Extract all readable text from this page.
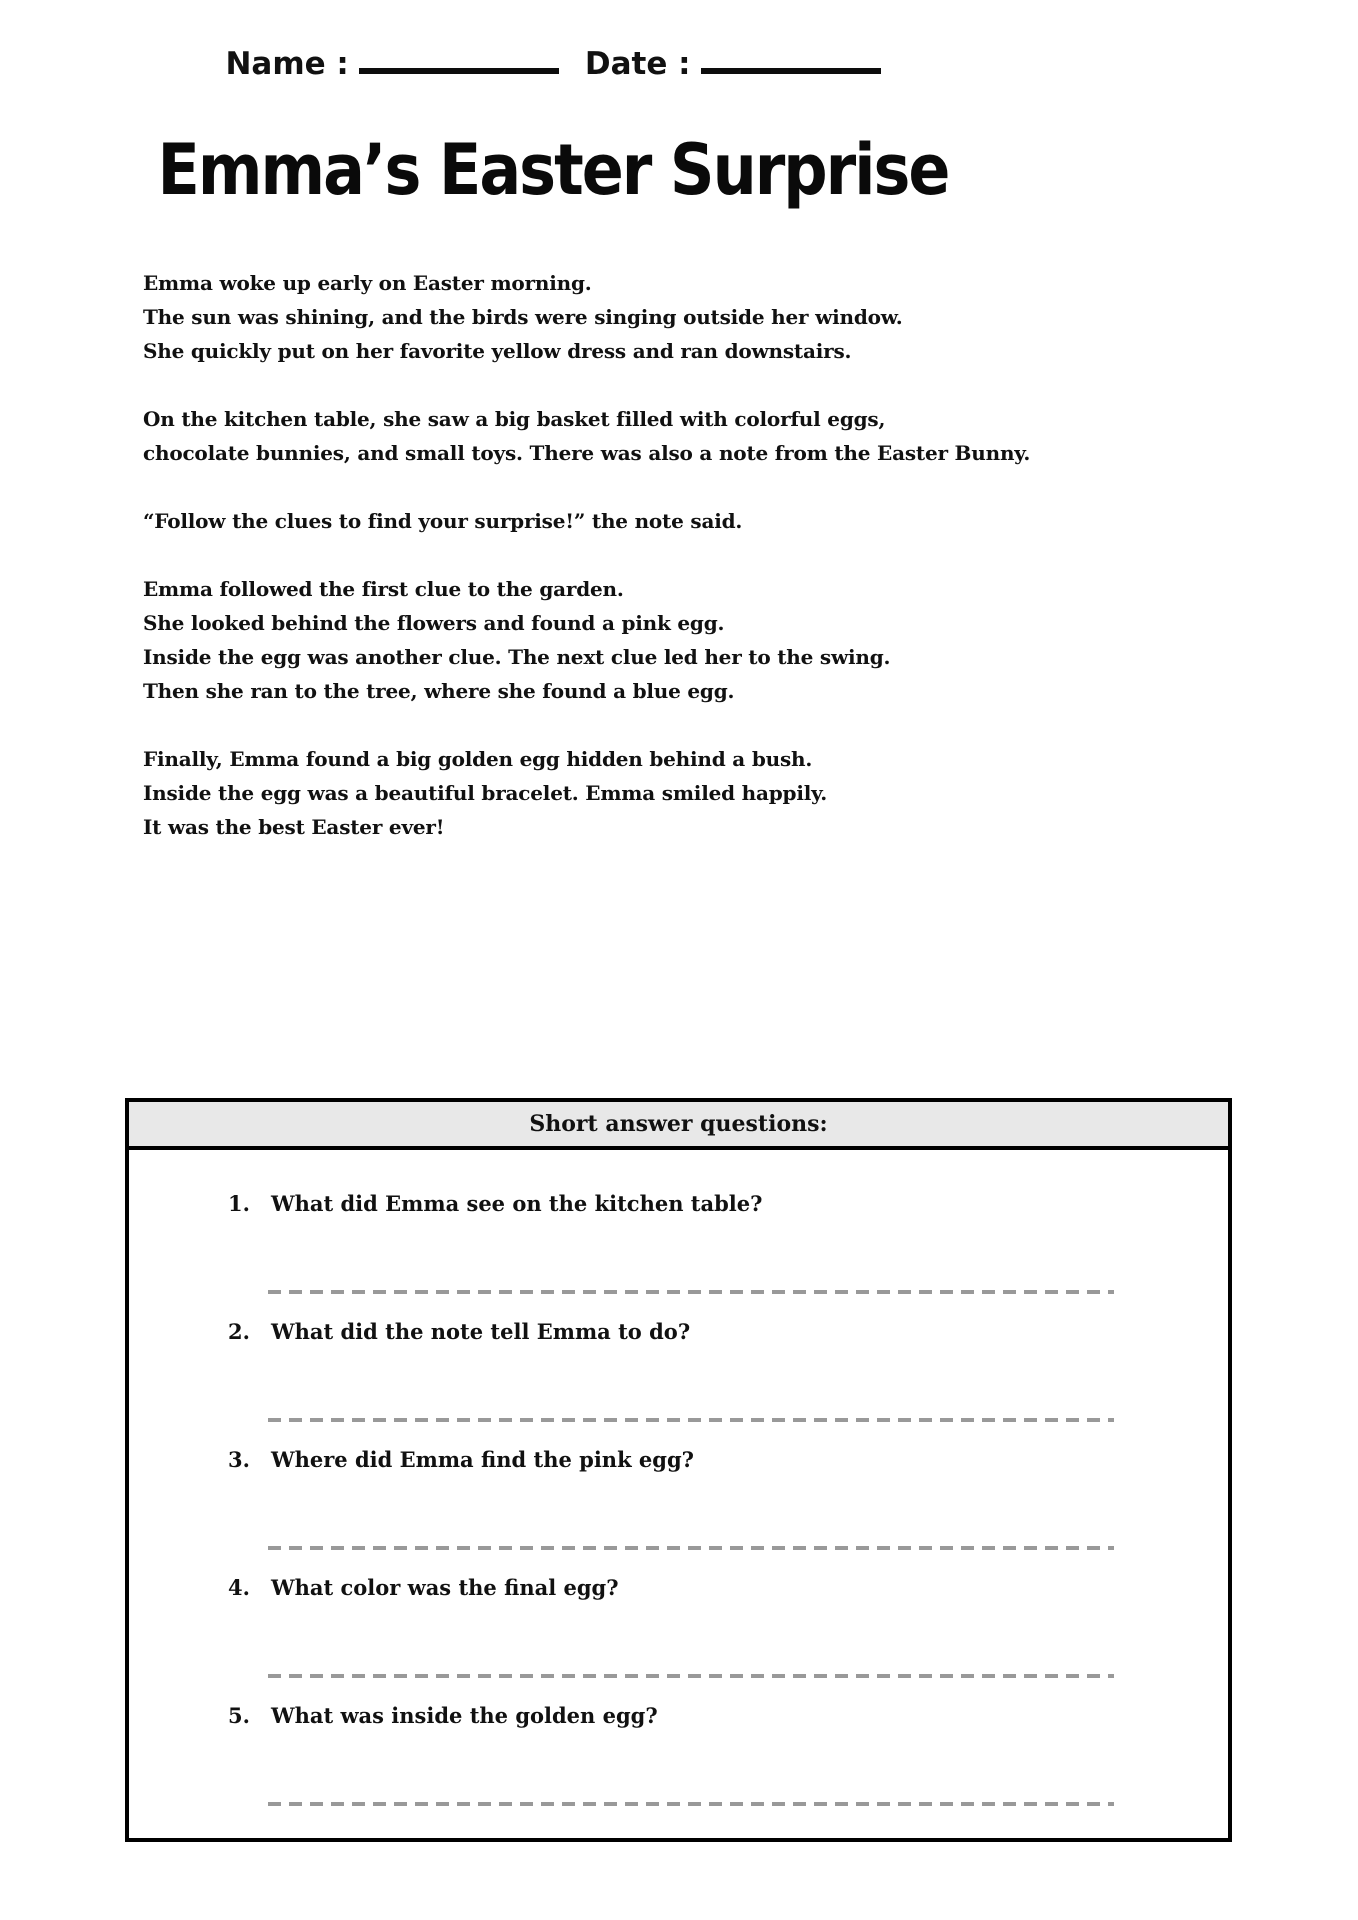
Name :	Date :
Emma’s Easter Surprise

Emma woke up early on Easter morning.
The sun was shining, and the birds were singing outside her window.
She quickly put on her favorite yellow dress and ran downstairs.

On the kitchen table, she saw a big basket filled with colorful eggs,
chocolate bunnies, and small toys. There was also a note from the Easter Bunny.

“Follow the clues to find your surprise!” the note said.

Emma followed the first clue to the garden.
She looked behind the flowers and found a pink egg.
Inside the egg was another clue. The next clue led her to the swing.
Then she ran to the tree, where she found a blue egg.

Finally, Emma found a big golden egg hidden behind a bush.
Inside the egg was a beautiful bracelet. Emma smiled happily.
It was the best Easter ever!

Short answer questions:
1. What did Emma see on the kitchen table?
2. What did the note tell Emma to do?
3. Where did Emma find the pink egg?
4. What color was the final egg?
5. What was inside the golden egg?
